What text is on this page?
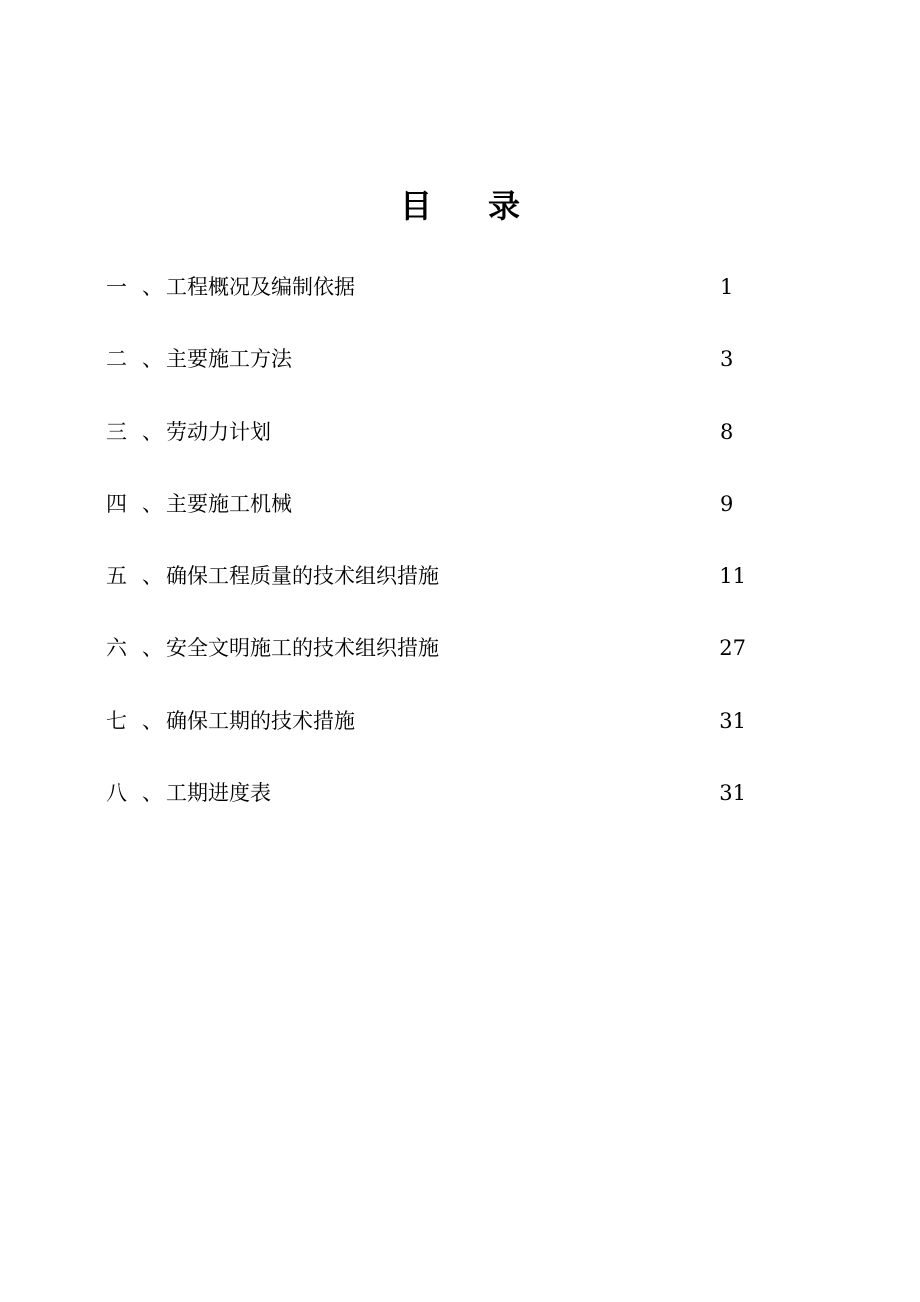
目 录
一 、 工程概况及编制依据	1
二 、 主要施工方法	3
三 、 劳动力计划	8
四 、 主要施工机械	9
五 、 确保工程质量的技术组织措施	11
六 、 安全文明施工的技术组织措施	27
七 、 确保工期的技术措施	31
八 、 工期进度表	31
